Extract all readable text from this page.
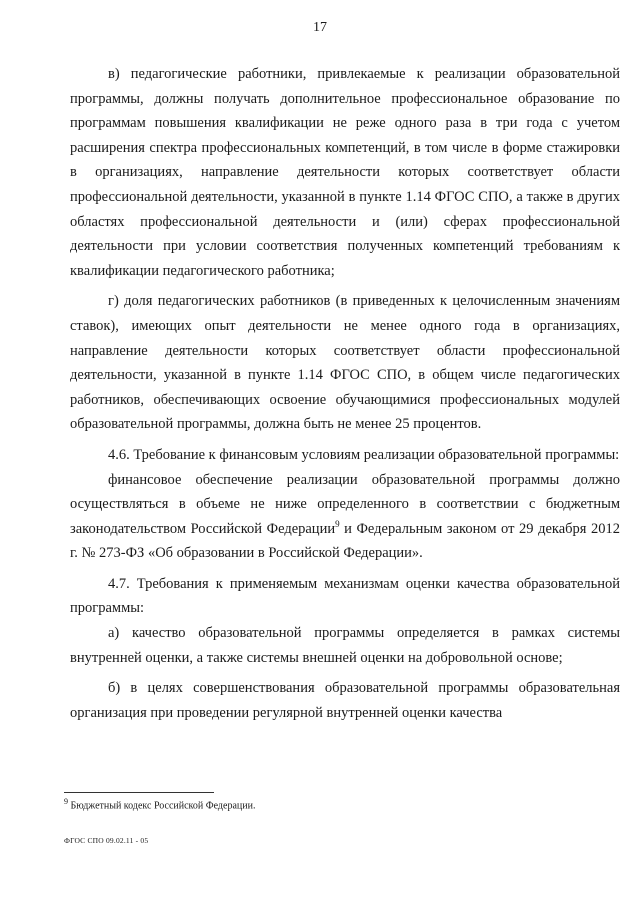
17

в) педагогические работники, привлекаемые к реализации образовательной программы, должны получать дополнительное профессиональное образование по программам повышения квалификации не реже одного раза в три года с учетом расширения спектра профессиональных компетенций, в том числе в форме стажировки в организациях, направление деятельности которых соответствует области профессиональной деятельности, указанной в пункте 1.14 ФГОС СПО, а также в других областях профессиональной деятельности и (или) сферах профессиональной деятельности при условии соответствия полученных компетенций требованиям к квалификации педагогического работника;

г) доля педагогических работников (в приведенных к целочисленным значениям ставок), имеющих опыт деятельности не менее одного года в организациях, направление деятельности которых соответствует области профессиональной деятельности, указанной в пункте 1.14 ФГОС СПО, в общем числе педагогических работников, обеспечивающих освоение обучающимися профессиональных модулей образовательной программы, должна быть не менее 25 процентов.

4.6. Требование к финансовым условиям реализации образовательной программы:

финансовое обеспечение реализации образовательной программы должно осуществляться в объеме не ниже определенного в соответствии с бюджетным законодательством Российской Федерации$^9$ и Федеральным законом от 29 декабря 2012 г. № 273-ФЗ «Об образовании в Российской Федерации».

4.7. Требования к применяемым механизмам оценки качества образовательной программы:

а) качество образовательной программы определяется в рамках системы внутренней оценки, а также системы внешней оценки на добровольной основе;

б) в целях совершенствования образовательной программы образовательная организация при проведении регулярной внутренней оценки качества

$^9$ Бюджетный кодекс Российской Федерации.
ФГОС СПО 09.02.11 - 05
